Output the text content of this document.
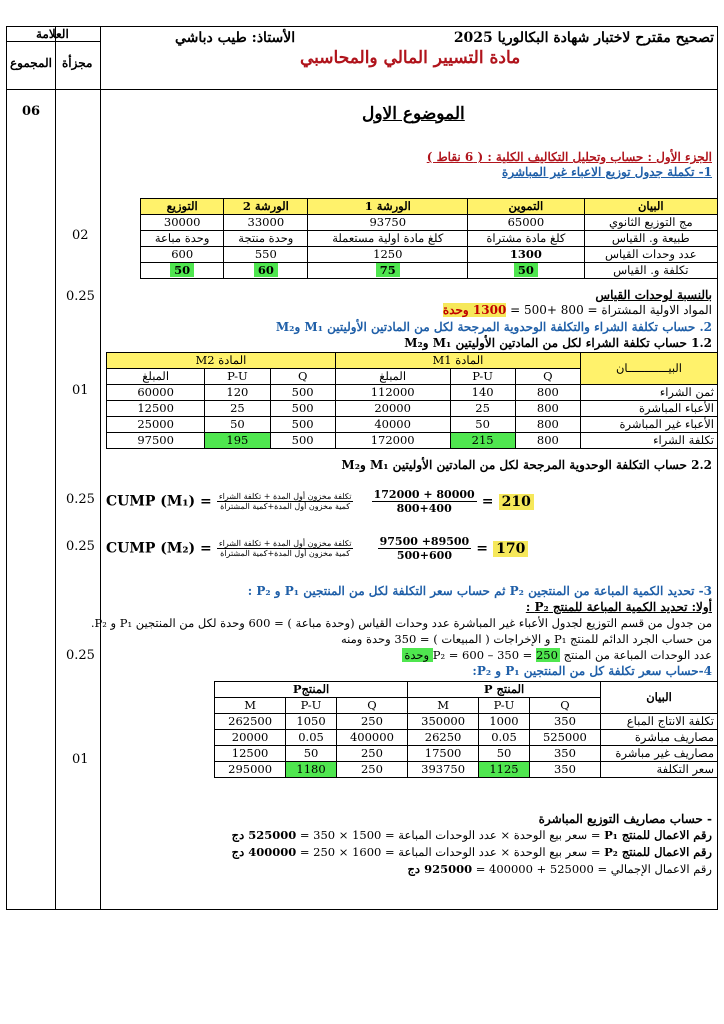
تصحيح مقترح لاختبار شهادة البكالوريا 2025
الأستاذ: طيب دباشي
مادة التسيير المالي والمحاسبي
العلامة
مجزأة
المجموع
06
02
0.25
01
0.25
0.25
0.25
01
الموضوع الاول
الجزء الأول : حساب وتحليل التكاليف الكلية : ( 6 نقاط )
1- تكملة جدول توزيع الاعباء غير المباشرة
البيان	التموين	الورشة 1	الورشة 2	التوزيع
مج التوزيع الثانوي	65000	93750	33000	30000
طبيعة و. القياس	كلغ مادة مشتراة	كلغ مادة اولية مستعملة	وحدة منتجة	وحدة مباعة
عدد وحدات القياس	1300	1250	550	600
تكلفة و. القياس	50	75	60	50
بالنسبة لوحدات القياس
المواد الاولية المشتراة = 800 +500 = 1300 وحدة
2. حساب تكلفة الشراء والتكلفة الوحدوية المرجحة لكل من المادتين الأوليتين M₁ وM₂
1.2 حساب تكلفة الشراء لكل من المادتين الأوليتين M₁ وM₂
البيــــــــــــان	المادة M1			المادة M2		
	Q	P-U	المبلغ	Q	P-U	المبلغ
ثمن الشراء	800	140	112000	500	120	60000
الأعباء المباشرة	800	25	20000	500	25	12500
الأعباء غير المباشرة	800	50	40000	500	50	25000
تكلفة الشراء	800	215	172000	500	195	97500
2.2 حساب التكلفة الوحدوية المرجحة لكل من المادتين الأوليتين M₁ وM₂
CUMP $(M_1) = \frac{\text{تكلفة مخزون أول المدة + تكلفة الشراء}}{\text{كمية مخزون أول المدة+كمية المشتراة}}$
$\frac{172000 + 80000}{800+400} = 210$
CUMP $(M_2) = \frac{\text{تكلفة مخزون أول المدة + تكلفة الشراء}}{\text{كمية مخزون أول المدة+كمية المشتراة}}$
$\frac{97500 +89500}{500+600} = 170$
3- تحديد الكمية المباعة من المنتجين P₂ ثم حساب سعر التكلفة لكل من المنتجين P₁ و P₂ :
أولا: تحديد الكمية المباعة للمنتج P₂ :
من جدول من قسم التوزيع لجدول الأعباء غير المباشرة عدد وحدات القياس (وحدة مباعة ) = 600 وحدة لكل من المنتجين P₁ و P₂.
من حساب الجرد الدائم للمنتج P₁ و الإخراجات ( المبيعات ) = 350 وحدة ومنه
عدد الوحدات المباعة من المنتج P₂ = 600 – 350 = 250 وحدة
4-حساب سعر تكلفة كل من المنتجين P₁ و P₂:
البيان	المنتج P			المنتجP		
	Q	P-U	M	Q	P-U	M
تكلفة الانتاج المباع	350	1000	350000	250	1050	262500
مصاريف مباشرة	525000	0.05	26250	400000	0.05	20000
مصاريف غير مباشرة	350	50	17500	250	50	12500
سعر التكلفة	350	1125	393750	250	1180	295000
- حساب مصاريف التوزيع المباشرة
رقم الاعمال للمنتج P₁ = سعر بيع الوحدة × عدد الوحدات المباعة = 1500 × 350 = 525000 دج
رقم الاعمال للمنتج P₂ = سعر بيع الوحدة × عدد الوحدات المباعة = 1600 × 250 = 400000 دج
رقم الاعمال الإجمالي = 525000 + 400000 = 925000 دج
